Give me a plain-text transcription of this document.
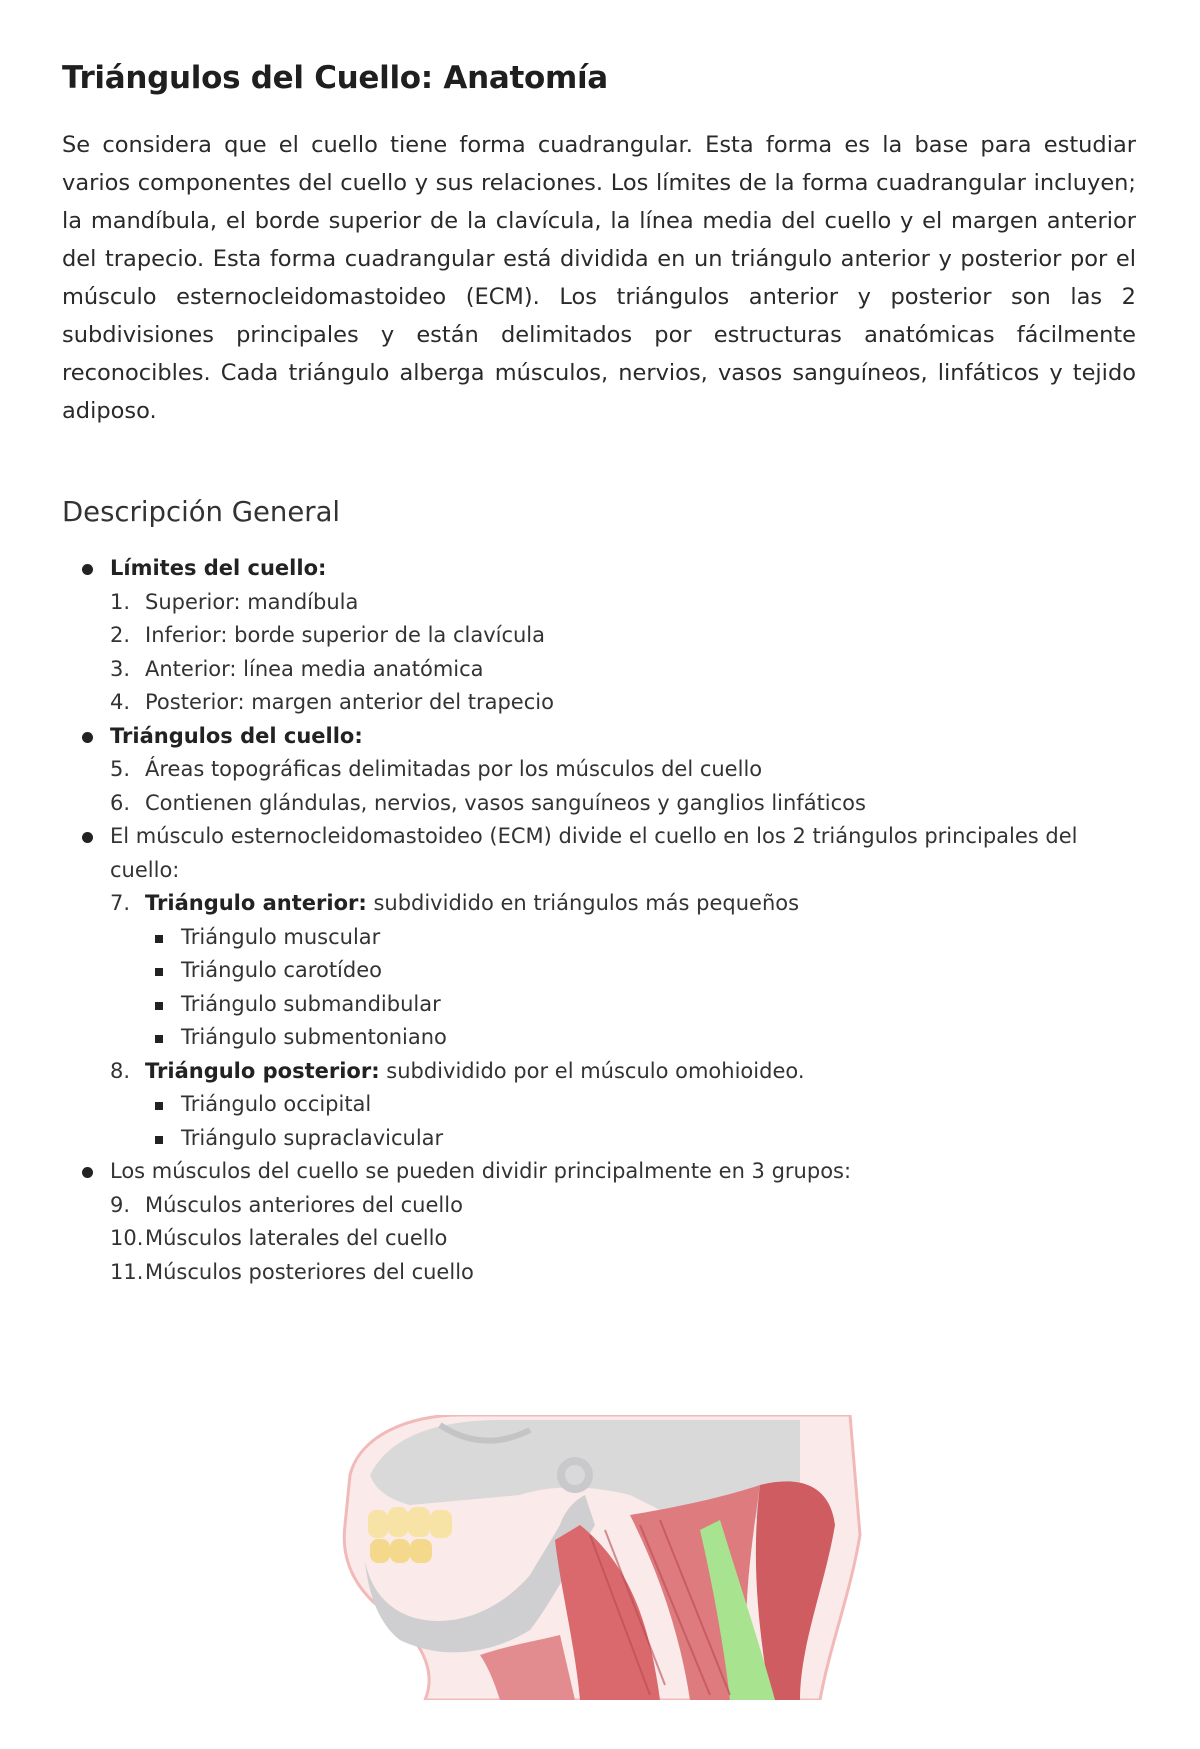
Triángulos del Cuello: Anatomía

Se considera que el cuello tiene forma cuadrangular. Esta forma es la base para estudiar varios componentes del cuello y sus relaciones. Los límites de la forma cuadrangular incluyen; la mandíbula, el borde superior de la clavícula, la línea media del cuello y el margen anterior del trapecio. Esta forma cuadrangular está dividida en un triángulo anterior y posterior por el músculo esternocleidomastoideo (ECM). Los triángulos anterior y posterior son las 2 subdivisiones principales y están delimitados por estructuras anatómicas fácilmente reconocibles. Cada triángulo alberga músculos, nervios, vasos sanguíneos, linfáticos y tejido adiposo.

Descripción General
Límites del cuello:
1. Superior: mandíbula
2. Inferior: borde superior de la clavícula
3. Anterior: línea media anatómica
4. Posterior: margen anterior del trapecio
Triángulos del cuello:
5. Áreas topográficas delimitadas por los músculos del cuello
6. Contienen glándulas, nervios, vasos sanguíneos y ganglios linfáticos
El músculo esternocleidomastoideo (ECM) divide el cuello en los 2 triángulos principales del
cuello:
7. Triángulo anterior: subdividido en triángulos más pequeños
Triángulo muscular
Triángulo carotídeo
Triángulo submandibular
Triángulo submentoniano
8. Triángulo posterior: subdividido por el músculo omohioideo.
Triángulo occipital
Triángulo supraclavicular
Los músculos del cuello se pueden dividir principalmente en 3 grupos:
9. Músculos anteriores del cuello
10. Músculos laterales del cuello
11. Músculos posteriores del cuello
